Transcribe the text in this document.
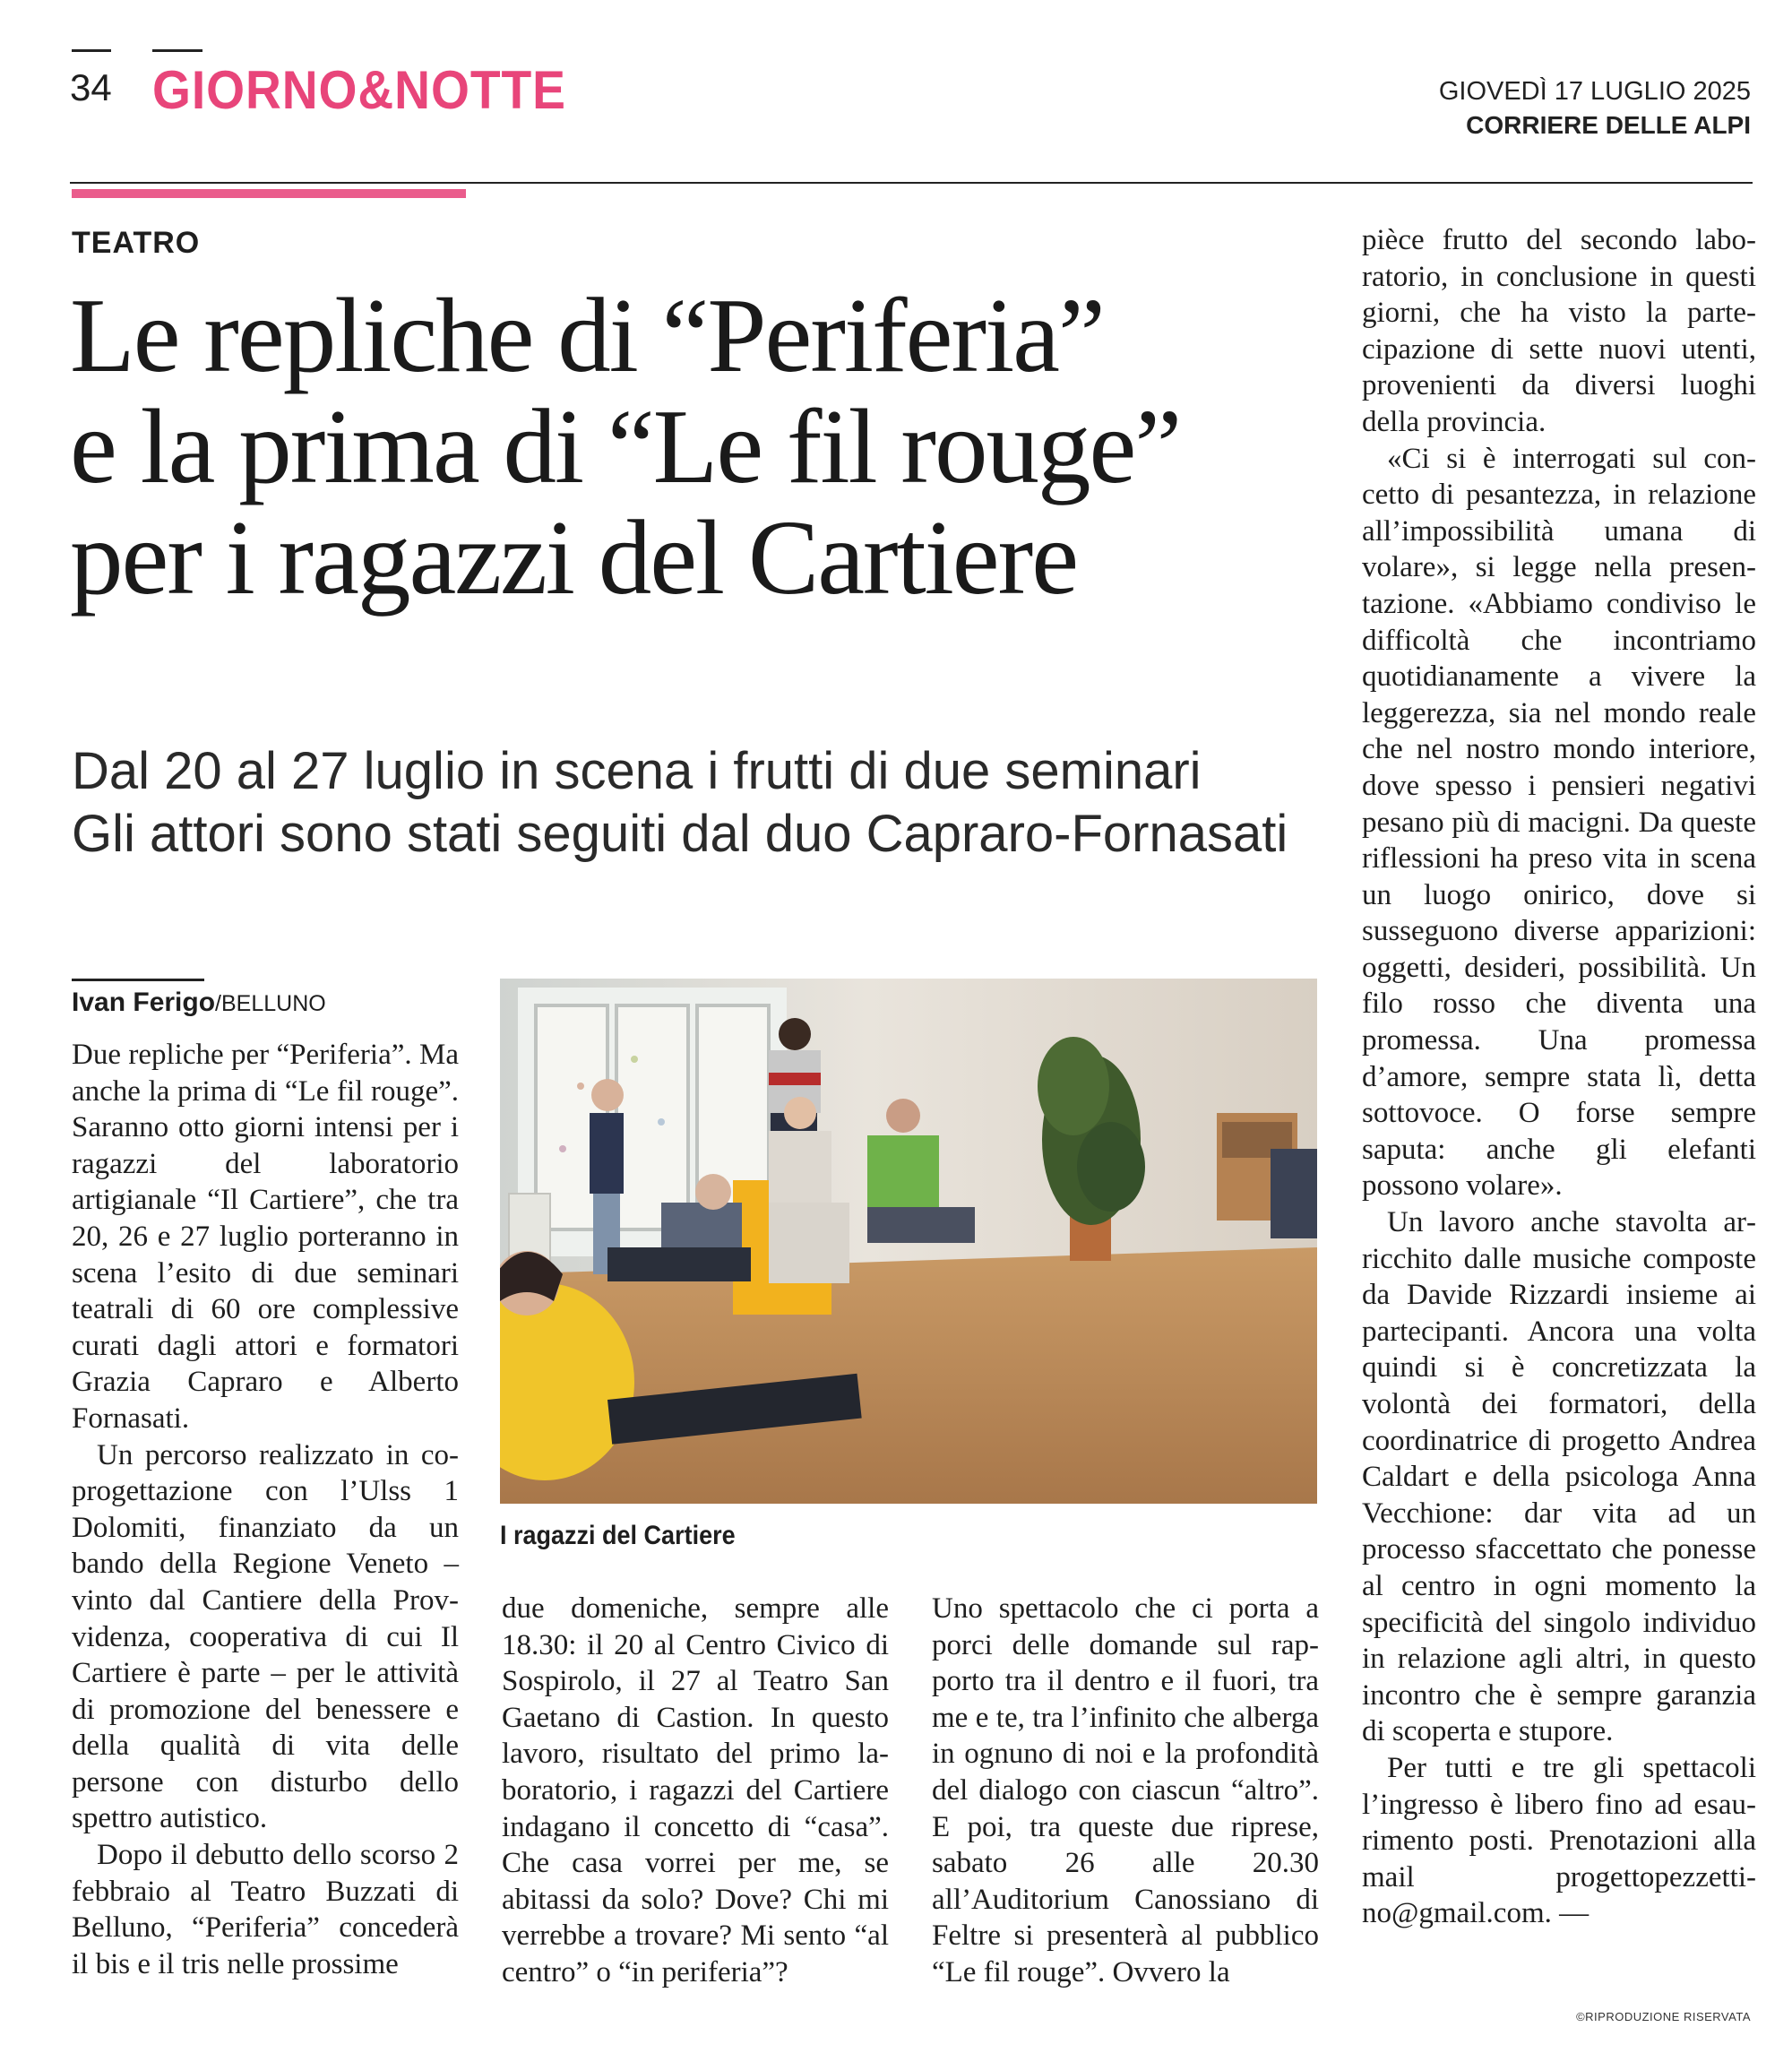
34 GIORNO&NOTTE	GIOVEDÌ 17 LUGLIO 2025
CORRIERE DELLE ALPI
TEATRO
Le repliche di “Periferia”
e la prima di “Le fil rouge”
per i ragazzi del Cartiere
Dal 20 al 27 luglio in scena i frutti di due seminari
Gli attori sono stati seguiti dal duo Capraro-Fornasati
Ivan Ferigo/BELLUNO

Due repliche per “Periferia”. Ma anche la prima di “Le fil rouge”. Saranno otto giorni intensi per i ragazzi del laboratorio artigianale “Il Cartiere”, che tra 20, 26 e 27 luglio porteranno in scena l’esito di due seminari teatrali di 60 ore complessive curati dagli attori e formatori Grazia Capraro e Alberto Fornasati.

Un percorso realizzato in co-progettazione con l’Ulss 1 Dolomiti, finanziato da un bando della Regione Veneto – vinto dal Cantiere della Provvidenza, cooperativa di cui Il Cartiere è parte – per le attività di promozione del benessere e della qualità di vita delle persone con disturbo dello spettro autistico.

Dopo il debutto dello scorso 2 febbraio al Teatro Buzzati di Belluno, “Periferia” concederà il bis e il tris nelle prossime

I ragazzi del Cartiere

due domeniche, sempre alle 18.30: il 20 al Centro Civico di Sospirolo, il 27 al Teatro San Gaetano di Castion. In questo lavoro, risultato del primo laboratorio, i ragazzi del Cartiere indagano il concetto di “casa”. Che casa vorrei per me, se abitassi da solo? Dove? Chi mi verrebbe a trovare? Mi sento “al centro” o “in periferia”?

Uno spettacolo che ci porta a porci delle domande sul rapporto tra il dentro e il fuori, tra me e te, tra l’infinito che alberga in ognuno di noi e la profondità del dialogo con ciascun “altro”. E poi, tra queste due riprese, sabato 26 alle 20.30 all’Auditorium Canossiano di Feltre si presenterà al pubblico “Le fil rouge”. Ovvero la

pièce frutto del secondo laboratorio, in conclusione in questi giorni, che ha visto la partecipazione di sette nuovi utenti, provenienti da diversi luoghi della provincia.

«Ci si è interrogati sul concetto di pesantezza, in relazione all’impossibilità umana di volare», si legge nella presentazione. «Abbiamo condiviso le difficoltà che incontriamo quotidianamente a vivere la leggerezza, sia nel mondo reale che nel nostro mondo interiore, dove spesso i pensieri negativi pesano più di macigni. Da queste riflessioni ha preso vita in scena un luogo onirico, dove si susseguono diverse apparizioni: oggetti, desideri, possibilità. Un filo rosso che diventa una promessa. Una promessa d’amore, sempre stata lì, detta sottovoce. O forse sempre saputa: anche gli elefanti possono volare».

Un lavoro anche stavolta arricchito dalle musiche composte da Davide Rizzardi insieme ai partecipanti. Ancora una volta quindi si è concretizzata la volontà dei formatori, della coordinatrice di progetto Andrea Caldart e della psicologa Anna Vecchione: dar vita ad un processo sfaccettato che ponesse al centro in ogni momento la specificità del singolo individuo in relazione agli altri, in questo incontro che è sempre garanzia di scoperta e stupore.

Per tutti e tre gli spettacoli l’ingresso è libero fino ad esaurimento posti. Prenotazioni alla mail progettopezzettino@gmail.com. —

©RIPRODUZIONE RISERVATA
